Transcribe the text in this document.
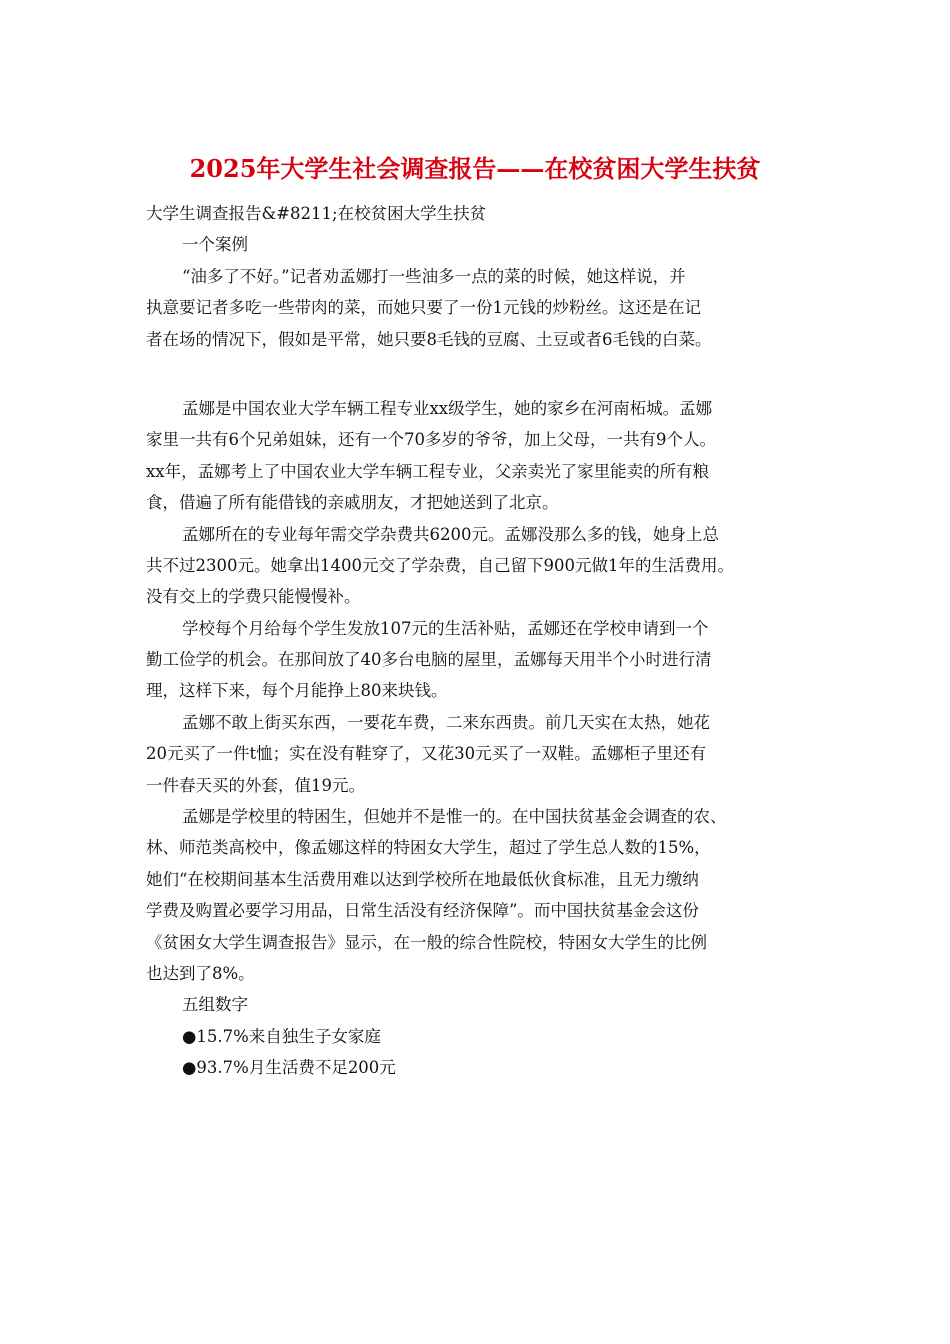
2025年大学生社会调查报告——在校贫困大学生扶贫
大学生调查报告&#8211;在校贫困大学生扶贫
一个案例
“油多了不好。”记者劝孟娜打一些油多一点的菜的时候，她这样说，并
执意要记者多吃一些带肉的菜，而她只要了一份1元钱的炒粉丝。这还是在记
者在场的情况下，假如是平常，她只要8毛钱的豆腐、土豆或者6毛钱的白菜。
孟娜是中国农业大学车辆工程专业xx级学生，她的家乡在河南柘城。孟娜
家里一共有6个兄弟姐妹，还有一个70多岁的爷爷，加上父母，一共有9个人。
xx年，孟娜考上了中国农业大学车辆工程专业，父亲卖光了家里能卖的所有粮
食，借遍了所有能借钱的亲戚朋友，才把她送到了北京。
孟娜所在的专业每年需交学杂费共6200元。孟娜没那么多的钱，她身上总
共不过2300元。她拿出1400元交了学杂费，自己留下900元做1年的生活费用。
没有交上的学费只能慢慢补。
学校每个月给每个学生发放107元的生活补贴，孟娜还在学校申请到一个
勤工俭学的机会。在那间放了40多台电脑的屋里，孟娜每天用半个小时进行清
理，这样下来，每个月能挣上80来块钱。
孟娜不敢上街买东西，一要花车费，二来东西贵。前几天实在太热，她花
20元买了一件t恤；实在没有鞋穿了，又花30元买了一双鞋。孟娜柜子里还有
一件春天买的外套，值19元。
孟娜是学校里的特困生，但她并不是惟一的。在中国扶贫基金会调查的农、
林、师范类高校中，像孟娜这样的特困女大学生，超过了学生总人数的15%，
她们“在校期间基本生活费用难以达到学校所在地最低伙食标准，且无力缴纳
学费及购置必要学习用品，日常生活没有经济保障”。而中国扶贫基金会这份
《贫困女大学生调查报告》显示，在一般的综合性院校，特困女大学生的比例
也达到了8%。
五组数字
●15.7%来自独生子女家庭
●93.7%月生活费不足200元
